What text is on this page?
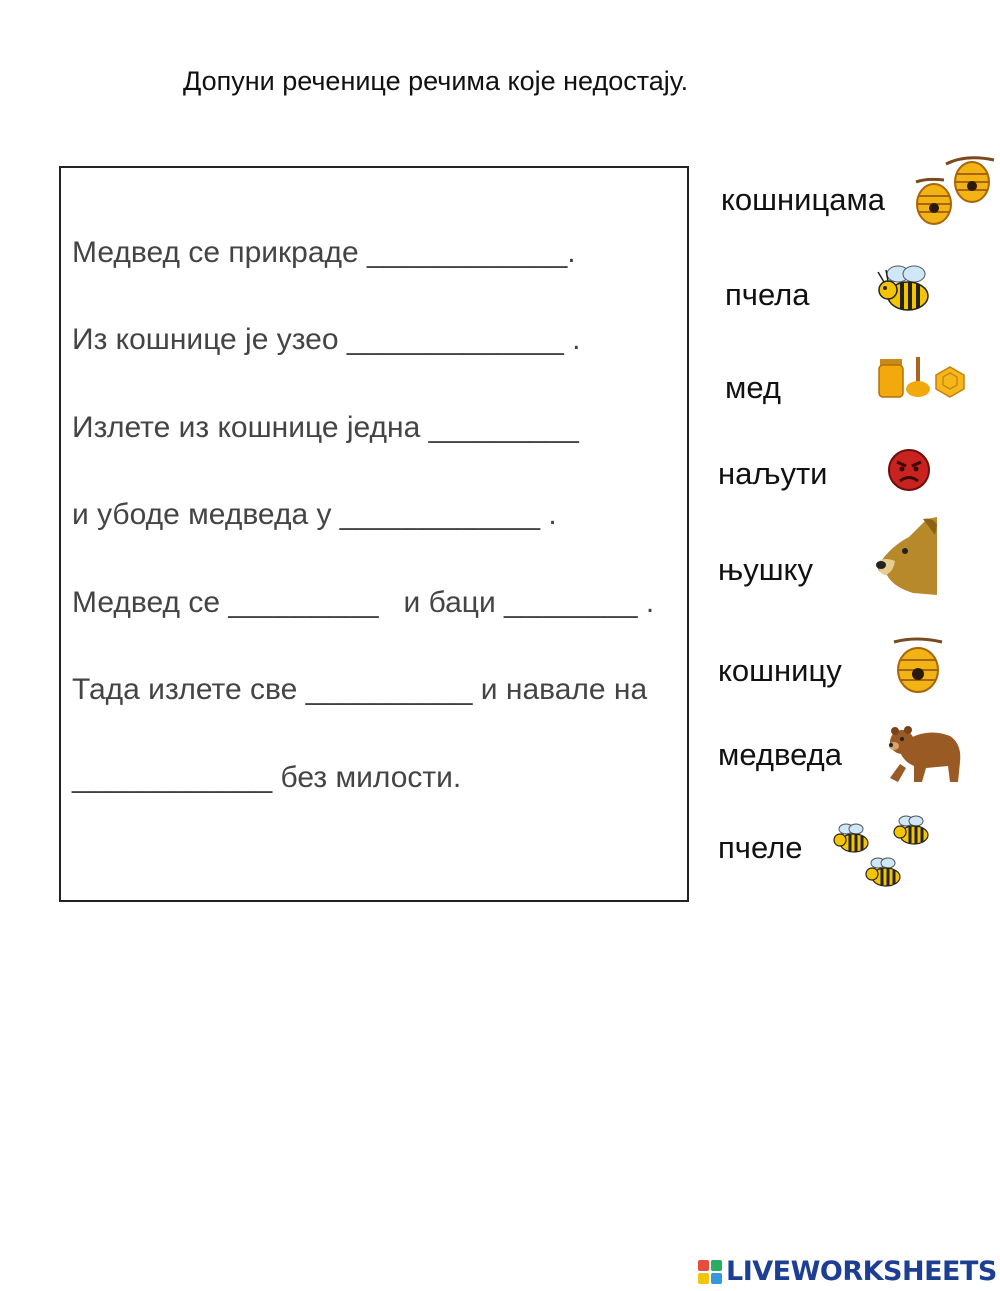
Допуни реченице речима које недостају.
Медвед се прикраде ____________.
Из кошнице је узео _____________ .
Излете из кошнице једна _________
и убоде медведа у ____________ .
Медвед се _________   и баци ________ .
Тада излете све __________ и навале на
____________ без милости.
кошницама
пчела
мед
наљути
њушку
кошницу
медведа
пчеле
LIVEWORKSHEETS
